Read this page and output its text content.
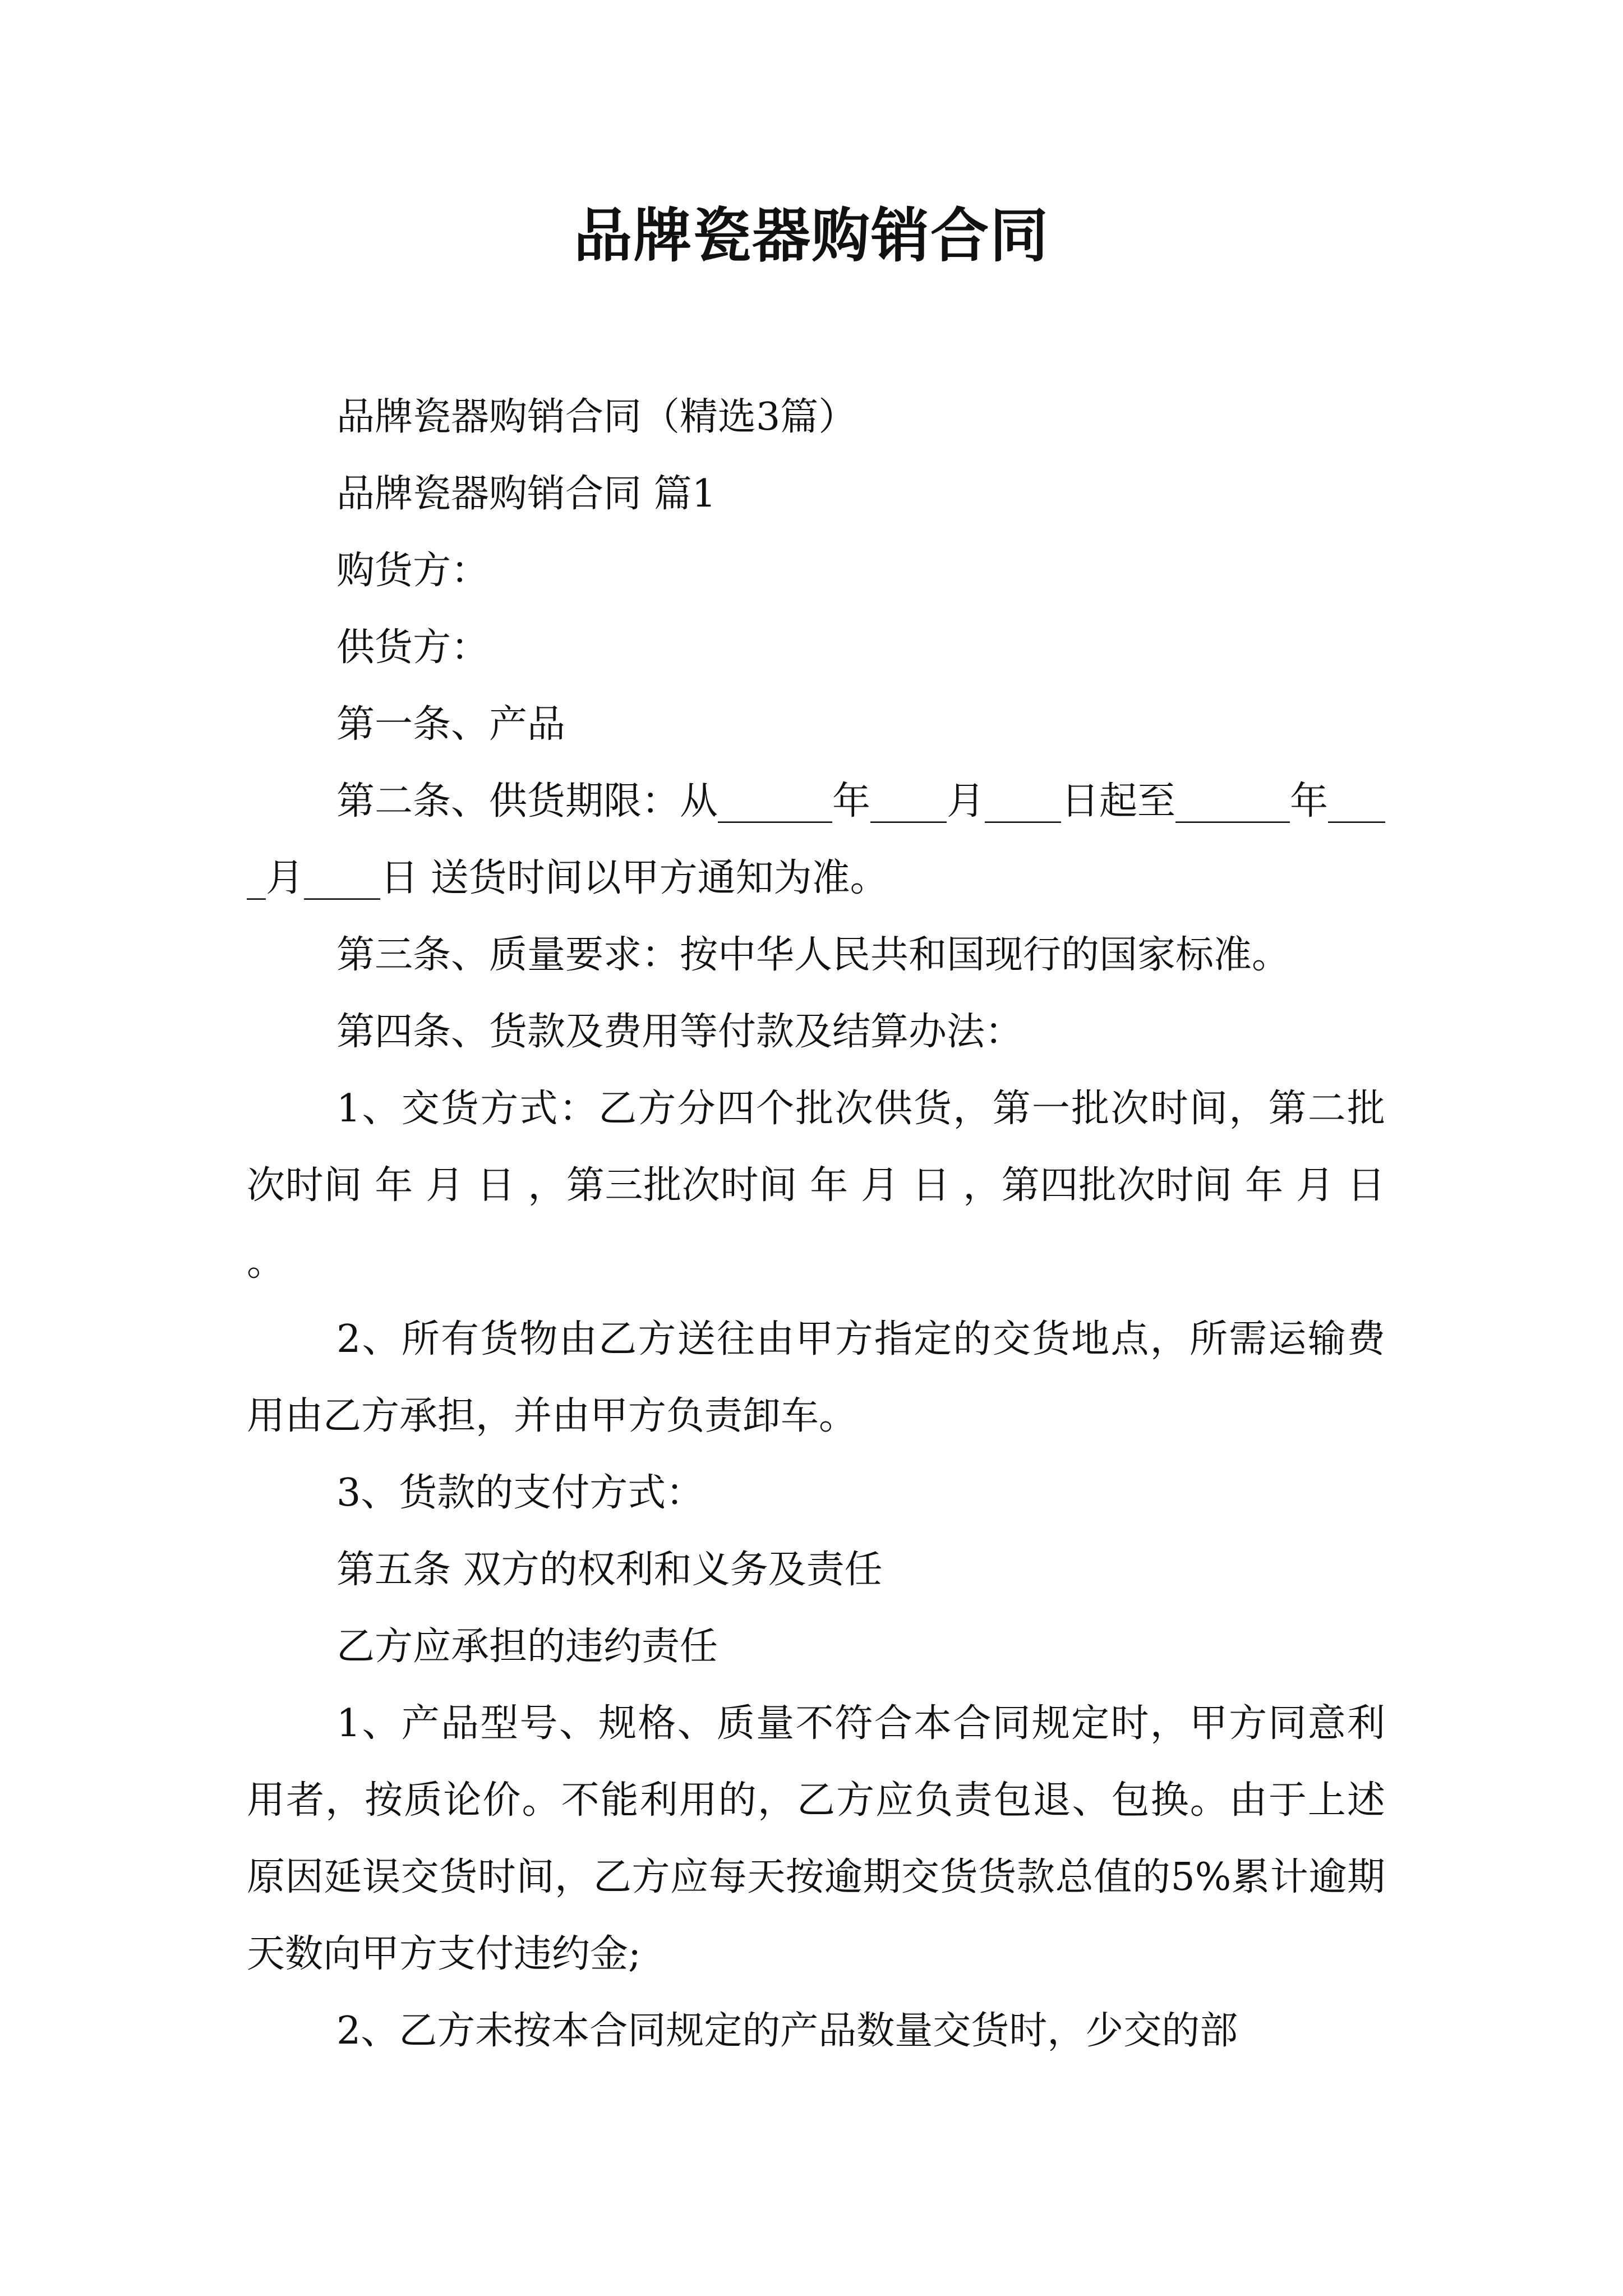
品牌瓷器购销合同

品牌瓷器购销合同（精选3篇）

品牌瓷器购销合同 篇1

购货方：

供货方：

第一条、产品

第二条、供货期限：从______年____月____日起至______年____月____日 送货时间以甲方通知为准。

第三条、质量要求：按中华人民共和国现行的国家标准。

第四条、货款及费用等付款及结算办法：

1、交货方式：乙方分四个批次供货，第一批次时间，第二批次时间 年 月 日 ，第三批次时间 年 月 日 ，第四批次时间 年 月 日 。

2、所有货物由乙方送往由甲方指定的交货地点，所需运输费用由乙方承担，并由甲方负责卸车。

3、货款的支付方式：

第五条 双方的权利和义务及责任

乙方应承担的违约责任

1、产品型号、规格、质量不符合本合同规定时，甲方同意利用者，按质论价。不能利用的，乙方应负责包退、包换。由于上述原因延误交货时间，乙方应每天按逾期交货货款总值的5%累计逾期天数向甲方支付违约金;

2、乙方未按本合同规定的产品数量交货时，少交的部
